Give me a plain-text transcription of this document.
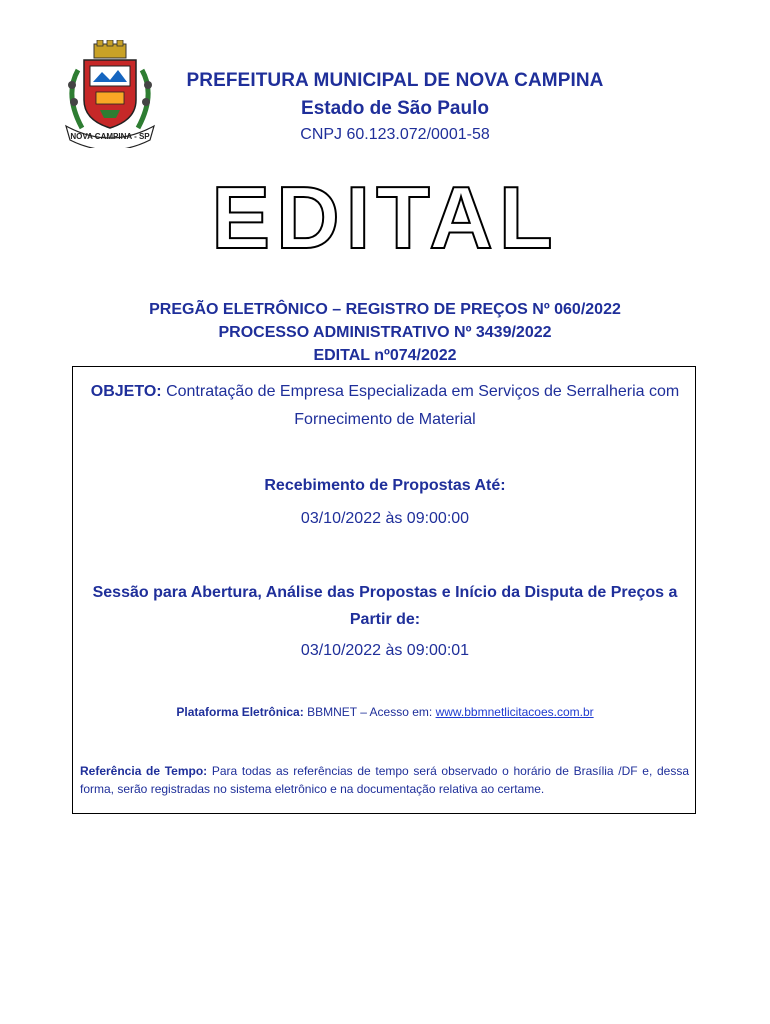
NOVA CAMPINA - SP
PREFEITURA MUNICIPAL DE NOVA CAMPINA
Estado de São Paulo
CNPJ 60.123.072/0001-58
EDITAL
PREGÃO ELETRÔNICO – REGISTRO DE PREÇOS Nº 060/2022
PROCESSO ADMINISTRATIVO Nº 3439/2022
EDITAL nº074/2022
OBJETO: Contratação de Empresa Especializada em Serviços de Serralheria com Fornecimento de Material
Recebimento de Propostas Até:
03/10/2022 às 09:00:00
Sessão para Abertura, Análise das Propostas e Início da Disputa de Preços a Partir de:
03/10/2022 às 09:00:01
Plataforma Eletrônica: BBMNET – Acesso em: www.bbmnetlicitacoes.com.br
Referência de Tempo: Para todas as referências de tempo será observado o horário de Brasília /DF e, dessa forma, serão registradas no sistema eletrônico e na documentação relativa ao certame.
